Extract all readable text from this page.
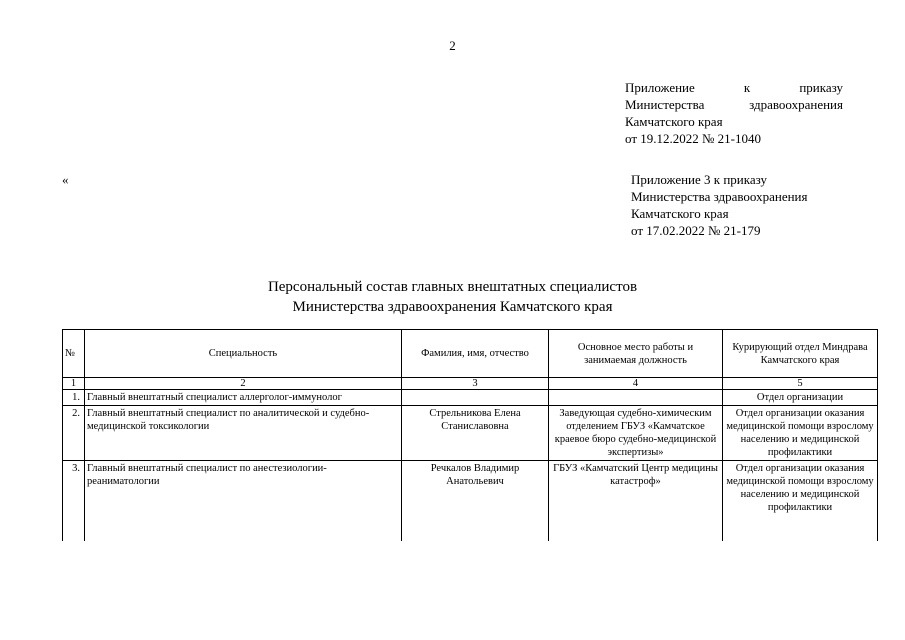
2
Приложение к приказу
Министерства здравоохранения
Камчатского края
от 19.12.2022 № 21-1040
«	Приложение 3 к приказу
Министерства здравоохранения
Камчатского края
от 17.02.2022 № 21-179
Персональный состав главных внештатных специалистов
Министерства здравоохранения Камчатского края
№	Специальность	Фамилия, имя, отчество	Основное место работы и занимаемая должность	Курирующий отдел Миндрава Камчатского края
1	2	3	4	5
1.	Главный внештатный специалист аллерголог-иммунолог			Отдел организации
2.	Главный внештатный специалист по аналитической и судебно-медицинской токсикологии	Стрельникова Елена Станиславовна	Заведующая судебно-химическим отделением ГБУЗ «Камчатское краевое бюро судебно-медицинской экспертизы»	Отдел организации оказания медицинской помощи взрослому населению и медицинской профилактики
3.	Главный внештатный специалист по анестезиологии-реаниматологии	Речкалов Владимир Анатольевич	ГБУЗ «Камчатский Центр медицины катастроф»	Отдел организации оказания медицинской помощи взрослому населению и медицинской профилактики
